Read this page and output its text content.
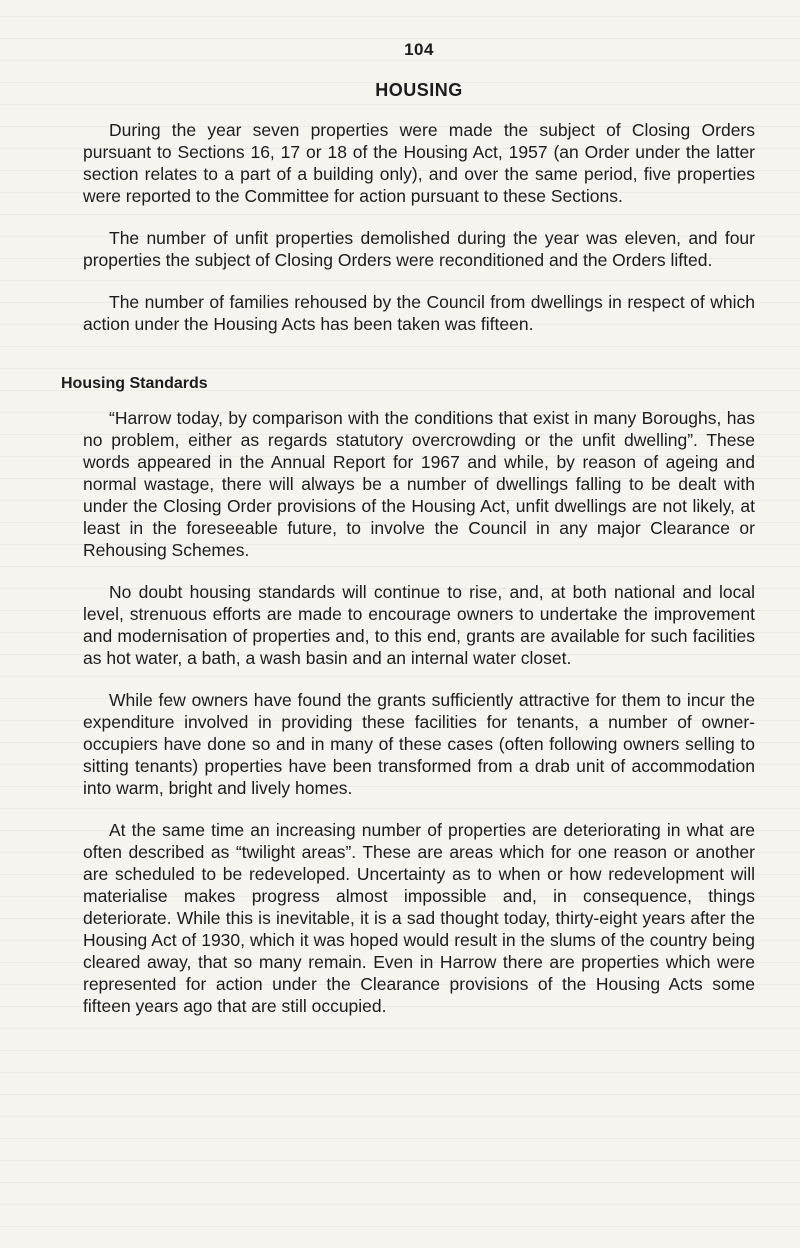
104
HOUSING

During the year seven properties were made the subject of Closing Orders pursuant to Sections 16, 17 or 18 of the Housing Act, 1957 (an Order under the latter section relates to a part of a building only), and over the same period, five properties were reported to the Committee for action pursuant to these Sections.

The number of unfit properties demolished during the year was eleven, and four properties the subject of Closing Orders were reconditioned and the Orders lifted.

The number of families rehoused by the Council from dwellings in respect of which action under the Housing Acts has been taken was fifteen.

Housing Standards

“Harrow today, by comparison with the conditions that exist in many Boroughs, has no problem, either as regards statutory overcrowding or the unfit dwelling”. These words appeared in the Annual Report for 1967 and while, by reason of ageing and normal wastage, there will always be a number of dwellings falling to be dealt with under the Closing Order provisions of the Housing Act, unfit dwellings are not likely, at least in the foreseeable future, to involve the Council in any major Clearance or Rehousing Schemes.

No doubt housing standards will continue to rise, and, at both national and local level, strenuous efforts are made to encourage owners to undertake the improvement and modernisation of properties and, to this end, grants are available for such facilities as hot water, a bath, a wash basin and an internal water closet.

While few owners have found the grants sufficiently attractive for them to incur the expenditure involved in providing these facilities for tenants, a number of owner-occupiers have done so and in many of these cases (often following owners selling to sitting tenants) properties have been transformed from a drab unit of accommodation into warm, bright and lively homes.

At the same time an increasing number of properties are deteriorating in what are often described as “twilight areas”. These are areas which for one reason or another are scheduled to be redeveloped. Uncertainty as to when or how redevelopment will materialise makes progress almost impossible and, in consequence, things deteriorate. While this is inevitable, it is a sad thought today, thirty-eight years after the Housing Act of 1930, which it was hoped would result in the slums of the country being cleared away, that so many remain. Even in Harrow there are properties which were represented for action under the Clearance provisions of the Housing Acts some fifteen years ago that are still occupied.
